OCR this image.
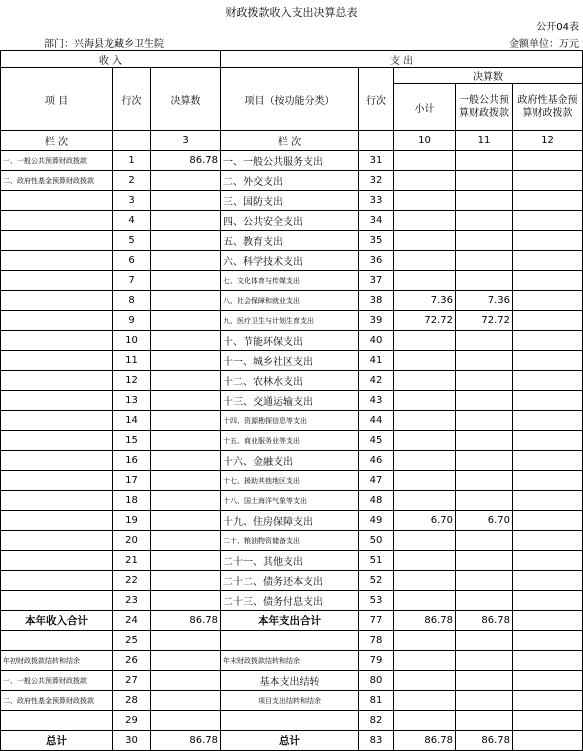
财政拨款收入支出决算总表
公开04表
部门：兴海县龙藏乡卫生院	金额单位：万元
收 入			支 出				
项 目	行次	决算数	项目（按功能分类）	行次	决算数		
					小计	一般公共预算财政拨款	政府性基金预算财政拨款
栏 次		3	栏 次		10	11	12
一、一般公共预算财政拨款	1	86.78	一、一般公共服务支出	31			
二、政府性基金预算财政拨款	2		二、外交支出	32			
	3		三、国防支出	33			
	4		四、公共安全支出	34			
	5		五、教育支出	35			
	6		六、科学技术支出	36			
	7		七、文化体育与传媒支出	37			
	8		八、社会保障和就业支出	38	7.36	7.36	
	9		九、医疗卫生与计划生育支出	39	72.72	72.72	
	10		十、节能环保支出	40			
	11		十一、城乡社区支出	41			
	12		十二、农林水支出	42			
	13		十三、交通运输支出	43			
	14		十四、资源勘探信息等支出	44			
	15		十五、商业服务业等支出	45			
	16		十六、金融支出	46			
	17		十七、援助其他地区支出	47			
	18		十八、国土海洋气象等支出	48			
	19		十九、住房保障支出	49	6.70	6.70	
	20		二十、粮油物资储备支出	50			
	21		二十一、其他支出	51			
	22		二十二、债务还本支出	52			
	23		二十三、债务付息支出	53			
本年收入合计	24	86.78	本年支出合计	77	86.78	86.78	
	25			78			
年初财政拨款结转和结余	26		年末财政拨款结转和结余	79			
一、一般公共预算财政拨款	27		基本支出结转	80			
二、政府性基金预算财政拨款	28		项目支出结转和结余	81			
	29			82			
总计	30	86.78	总计	83	86.78	86.78	
